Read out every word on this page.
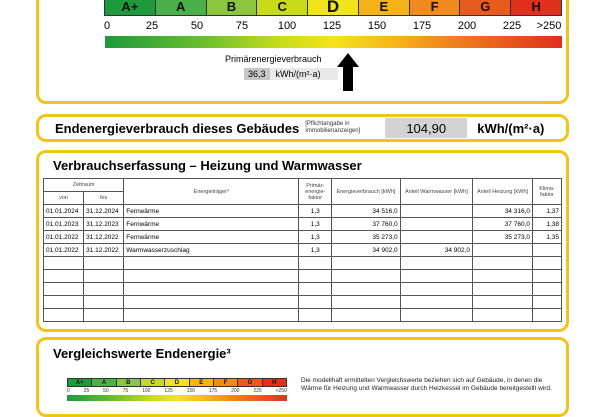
A+	A	B	C	D	E	F	G	H
0	25	50	75	100 125 150 175 200 225 >250
Primärenergieverbrauch
36,3	kWh/(m²·a)
Endenergieverbrauch dieses Gebäudes [Pflichtangabe in Immobilienanzeigen]	104,90	kWh/(m²·a)
Verbrauchserfassung – Heizung und Warmwasser
Zeitraum		Energieträger³	Primär-energie-faktor	Energieverbrauch [kWh]	Anteil Warmwasser [kWh]	Anteil Heizung [kWh]	Klima-faktor
von	bis						
01.01.2024	31.12.2024	Fernwärme	1,3	34 516,0		34 316,0	1,37
01.01.2023	31.12.2023	Fernwärme	1,3	37 760,0		37 760,0	1,38
01.01.2022	31.12.2022	Fernwärme	1,3	35 273,0		35 273,0	1,35
01.01.2022	31.12.2022	Warmwasserzuschlag	1,3	34 902,0	34 902,0		

Vergleichswerte Endenergie³
A+	A	B	C	D	E	F	G	H
0	25	50	75	100	125	150	175	200	225	>250
Die modellhaft ermittelten Vergleichswerte beziehen sich auf Gebäude, in denen die Wärme für Heizung und Warmwasser durch Heizkessel im Gebäude bereitgestellt wird.
